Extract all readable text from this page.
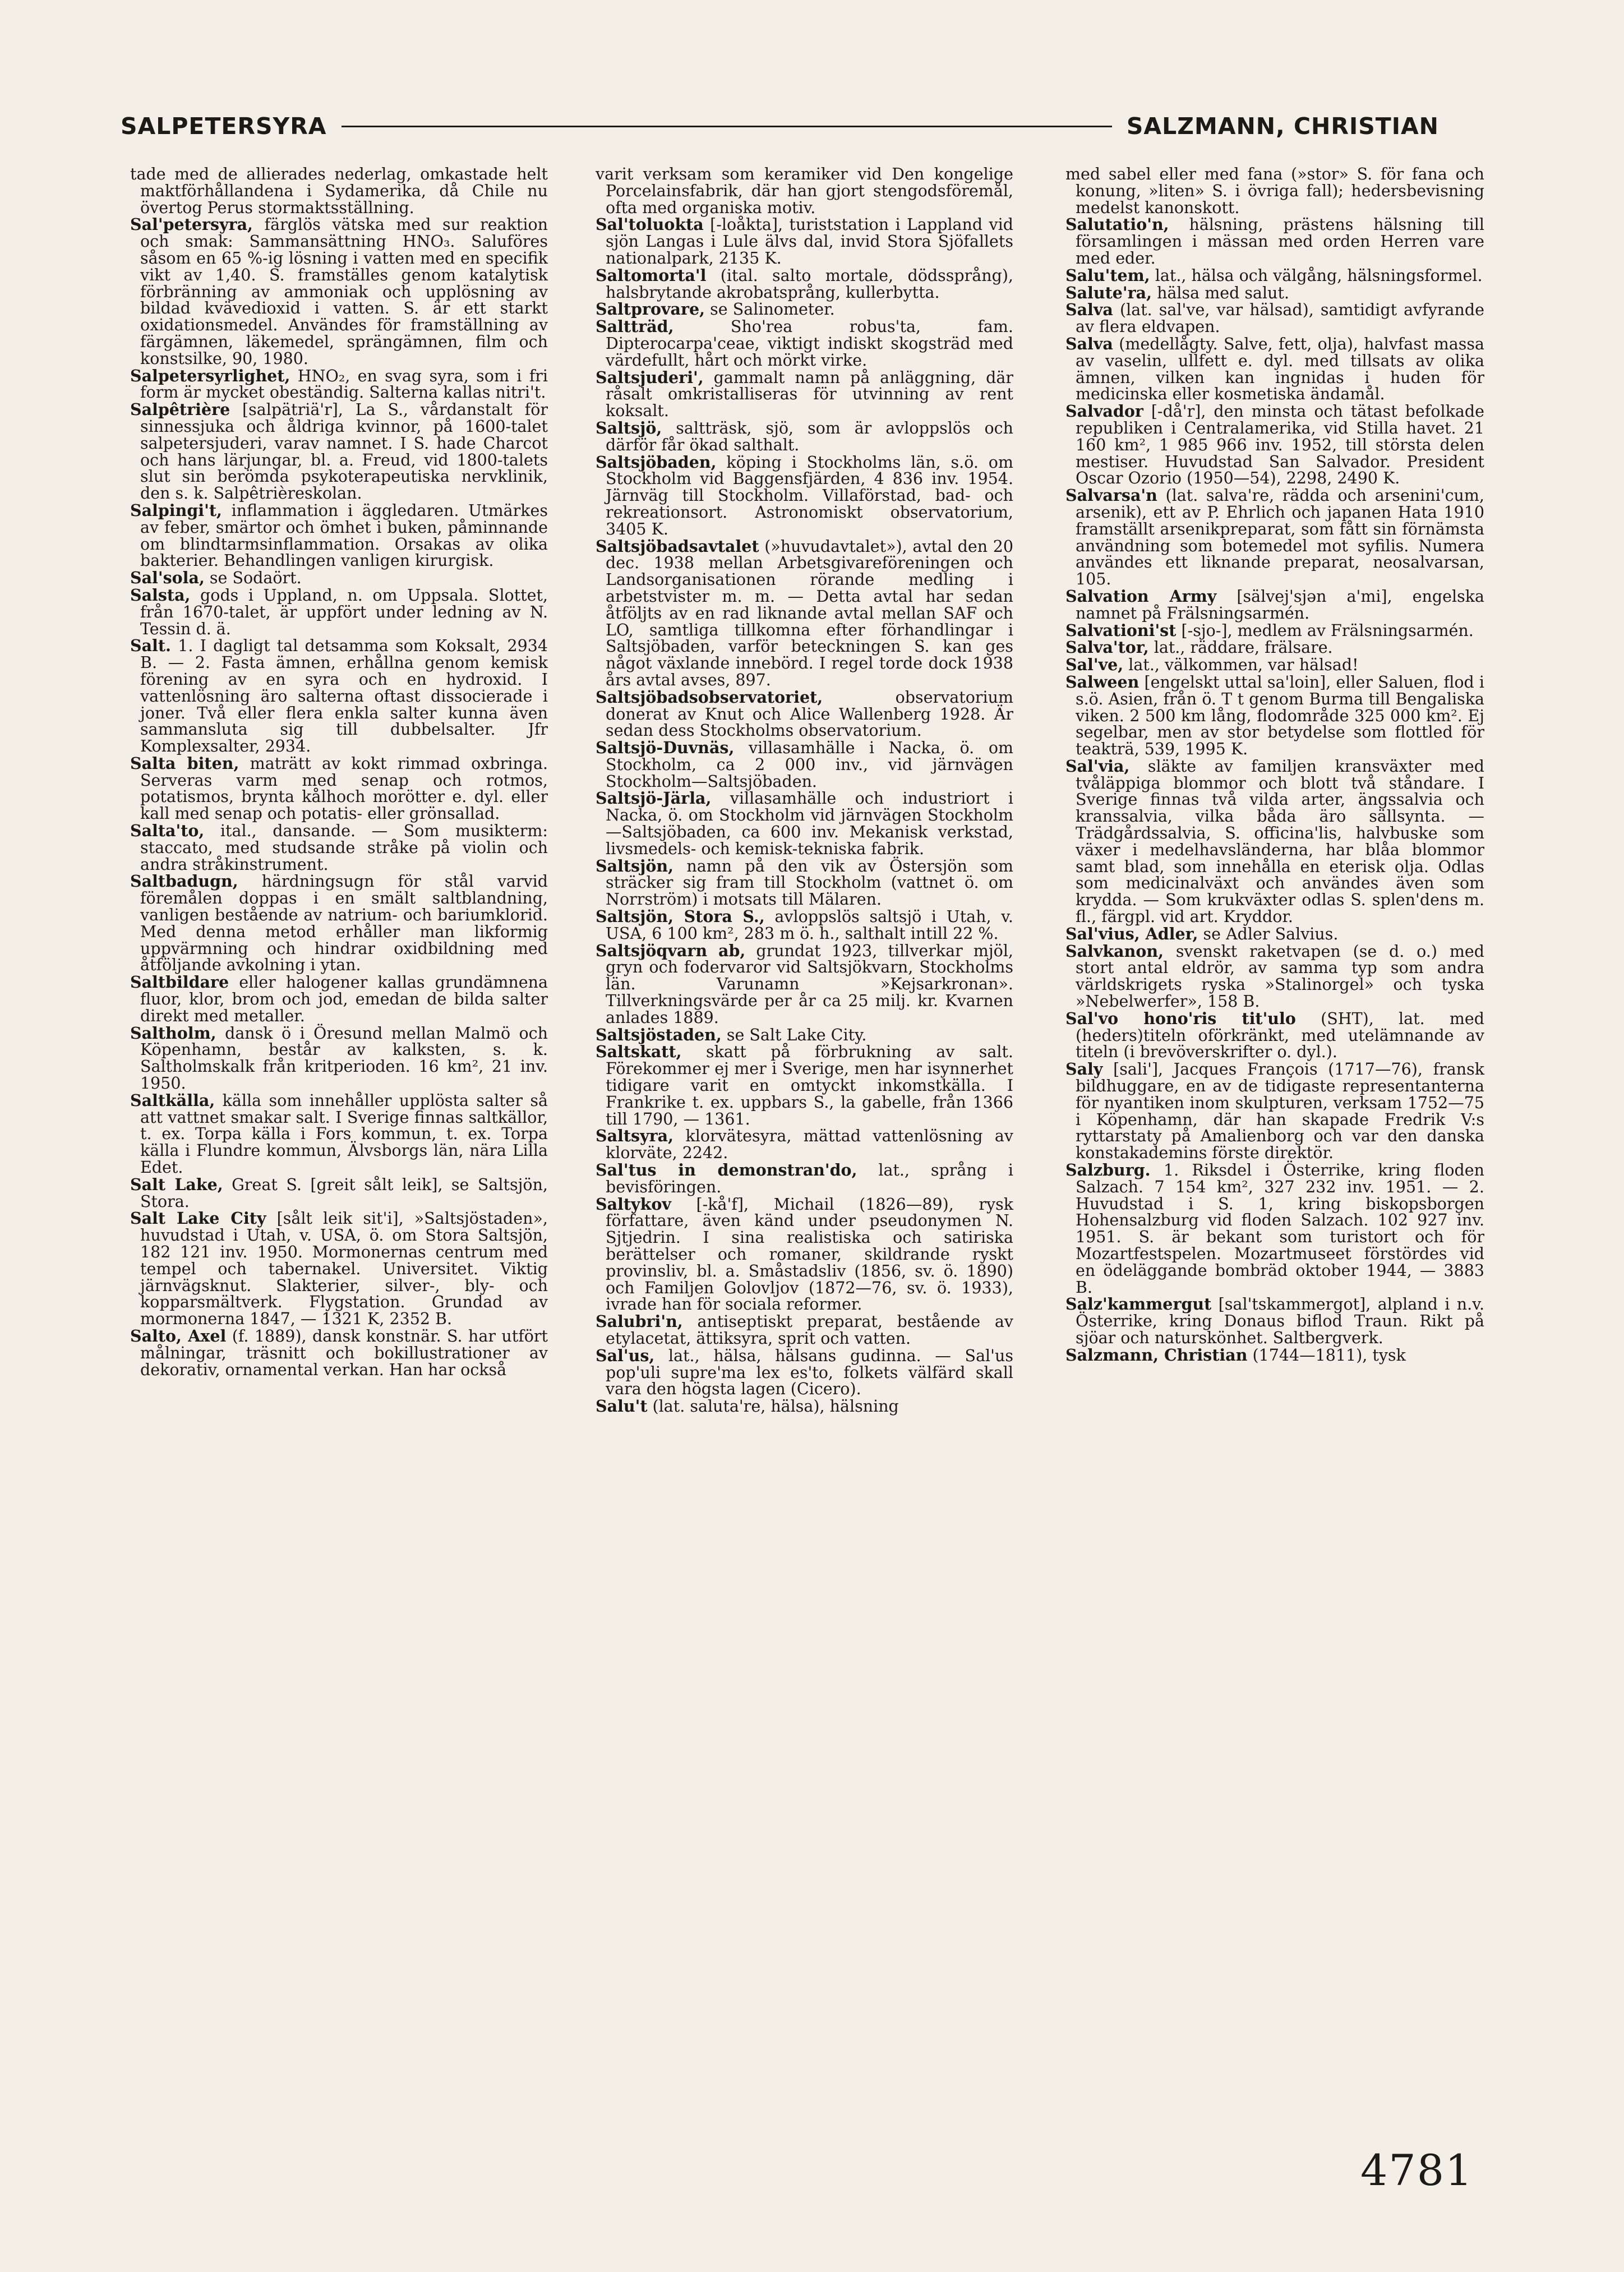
SALPETERSYRA	SALZMANN, CHRISTIAN

tade med de allierades nederlag, omkastade helt maktförhållandena i Sydamerika, då Chile nu övertog Perus stormaktsställning.

Sal'petersyra, färglös vätska med sur reaktion och smak: Sammansättning HNO₃. Saluföres såsom en 65 %-ig lösning i vatten med en specifik vikt av 1,40. S. framställes genom katalytisk förbränning av ammoniak och upplösning av bildad kvävedioxid i vatten. S. är ett starkt oxidationsmedel. Användes för framställning av färgämnen, läkemedel, sprängämnen, film och konstsilke, 90, 1980.

Salpetersyrlighet, HNO₂, en svag syra, som i fri form är mycket obeständig. Salterna kallas nitri't.

Salpêtrière [salpätriä'r], La S., vårdanstalt för sinnessjuka och åldriga kvinnor, på 1600-talet salpetersjuderi, varav namnet. I S. hade Charcot och hans lärjungar, bl. a. Freud, vid 1800-talets slut sin berömda psykoterapeutiska nervklinik, den s. k. Salpêtrièreskolan.

Salpingi't, inflammation i äggledaren. Utmärkes av feber, smärtor och ömhet i buken, påminnande om blindtarmsinflammation. Orsakas av olika bakterier. Behandlingen vanligen kirurgisk.

Sal'sola, se Sodaört.

Salsta, gods i Uppland, n. om Uppsala. Slottet, från 1670-talet, är uppfört under ledning av N. Tessin d. ä.

Salt. 1. I dagligt tal detsamma som Koksalt, 2934 B. — 2. Fasta ämnen, erhållna genom kemisk förening av en syra och en hydroxid. I vattenlösning äro salterna oftast dissocierade i joner. Två eller flera enkla salter kunna även sammansluta sig till dubbelsalter. Jfr Komplexsalter, 2934.

Salta biten, maträtt av kokt rimmad oxbringa. Serveras varm med senap och rotmos, potatismos, brynta kålhoch morötter e. dyl. eller kall med senap och potatis- eller grönsallad.

Salta'to, ital., dansande. — Som musikterm: staccato, med studsande stråke på violin och andra stråkinstrument.

Saltbadugn, härdningsugn för stål varvid föremålen doppas i en smält saltblandning, vanligen bestående av natrium- och bariumklorid. Med denna metod erhåller man likformig uppvärmning och hindrar oxidbildning med åtföljande avkolning i ytan.

Saltbildare eller halogener kallas grundämnena fluor, klor, brom och jod, emedan de bilda salter direkt med metaller.

Saltholm, dansk ö i Öresund mellan Malmö och Köpenhamn, består av kalksten, s. k. Saltholmskalk från kritperioden. 16 km², 21 inv. 1950.

Saltkälla, källa som innehåller upplösta salter så att vattnet smakar salt. I Sverige finnas saltkällor, t. ex. Torpa källa i Fors kommun, t. ex. Torpa källa i Flundre kommun, Älvsborgs län, nära Lilla Edet.

Salt Lake, Great S. [greit sålt leik], se Saltsjön, Stora.

Salt Lake City [sålt leik sit'i], »Saltsjöstaden», huvudstad i Utah, v. USA, ö. om Stora Saltsjön, 182 121 inv. 1950. Mormonernas centrum med tempel och tabernakel. Universitet. Viktig järnvägsknut. Slakterier, silver-, bly- och kopparsmältverk. Flygstation. Grundad av mormonerna 1847, — 1321 K, 2352 B.

Salto, Axel (f. 1889), dansk konstnär. S. har utfört målningar, träsnitt och bokillustrationer av dekorativ, ornamental verkan. Han har också

varit verksam som keramiker vid Den kongelige Porcelainsfabrik, där han gjort stengodsföremål, ofta med organiska motiv.

Sal'toluokta [-loåkta], turiststation i Lappland vid sjön Langas i Lule älvs dal, invid Stora Sjöfallets nationalpark, 2135 K.

Saltomorta'l (ital. salto mortale, dödssprång), halsbrytande akrobatsprång, kullerbytta.

Saltprovare, se Salinometer.

Saltträd, Sho'rea robus'ta, fam. Dipterocarpa'ceae, viktigt indiskt skogsträd med värdefullt, hårt och mörkt virke.

Saltsjuderi', gammalt namn på anläggning, där råsalt omkristalliseras för utvinning av rent koksalt.

Saltsjö, saltträsk, sjö, som är avloppslös och därför får ökad salthalt.

Saltsjöbaden, köping i Stockholms län, s.ö. om Stockholm vid Baggensfjärden, 4 836 inv. 1954. Järnväg till Stockholm. Villaförstad, bad- och rekreationsort. Astronomiskt observatorium, 3405 K.

Saltsjöbadsavtalet (»huvudavtalet»), avtal den 20 dec. 1938 mellan Arbetsgivareföreningen och Landsorganisationen rörande medling i arbetstvister m. m. — Detta avtal har sedan åtföljts av en rad liknande avtal mellan SAF och LO, samtliga tillkomna efter förhandlingar i Saltsjöbaden, varför beteckningen S. kan ges något växlande innebörd. I regel torde dock 1938 års avtal avses, 897.

Saltsjöbadsobservatoriet, observatorium donerat av Knut och Alice Wallenberg 1928. Är sedan dess Stockholms observatorium.

Saltsjö-Duvnäs, villasamhälle i Nacka, ö. om Stockholm, ca 2 000 inv., vid järnvägen Stockholm—Saltsjöbaden.

Saltsjö-Järla, villasamhälle och industriort i Nacka, ö. om Stockholm vid järnvägen Stockholm—Saltsjöbaden, ca 600 inv. Mekanisk verkstad, livsmedels- och kemisk-tekniska fabrik.

Saltsjön, namn på den vik av Östersjön som sträcker sig fram till Stockholm (vattnet ö. om Norrström) i motsats till Mälaren.

Saltsjön, Stora S., avloppslös saltsjö i Utah, v. USA, 6 100 km², 283 m ö. h., salthalt intill 22 %.

Saltsjöqvarn ab, grundat 1923, tillverkar mjöl, gryn och fodervaror vid Saltsjökvarn, Stockholms län. Varunamn »Kejsarkronan». Tillverkningsvärde per år ca 25 milj. kr. Kvarnen anlades 1889.

Saltsjöstaden, se Salt Lake City.

Saltskatt, skatt på förbrukning av salt. Förekommer ej mer i Sverige, men har isynnerhet tidigare varit en omtyckt inkomstkälla. I Frankrike t. ex. uppbars S., la gabelle, från 1366 till 1790, — 1361.

Saltsyra, klorvätesyra, mättad vattenlösning av klorväte, 2242.

Sal'tus in demonstran'do, lat., språng i bevisföringen.

Saltykov [-kå'f], Michail (1826—89), rysk författare, även känd under pseudonymen N. Sjtjedrin. I sina realistiska och satiriska berättelser och romaner, skildrande ryskt provinsliv, bl. a. Småstadsliv (1856, sv. ö. 1890) och Familjen Golovljov (1872—76, sv. ö. 1933), ivrade han för sociala reformer.

Salubri'n, antiseptiskt preparat, bestående av etylacetat, ättiksyra, sprit och vatten.

Sal'us, lat., hälsa, hälsans gudinna. — Sal'us pop'uli supre'ma lex es'to, folkets välfärd skall vara den högsta lagen (Cicero).

Salu't (lat. saluta're, hälsa), hälsning

med sabel eller med fana (»stor» S. för fana och konung, »liten» S. i övriga fall); hedersbevisning medelst kanonskott.

Salutatio'n, hälsning, prästens hälsning till församlingen i mässan med orden Herren vare med eder.

Salu'tem, lat., hälsa och välgång, hälsningsformel.

Salute'ra, hälsa med salut.

Salva (lat. sal've, var hälsad), samtidigt avfyrande av flera eldvapen.

Salva (medellågty. Salve, fett, olja), halvfast massa av vaselin, ullfett e. dyl. med tillsats av olika ämnen, vilken kan ingnidas i huden för medicinska eller kosmetiska ändamål.

Salvador [-då'r], den minsta och tätast befolkade republiken i Centralamerika, vid Stilla havet. 21 160 km², 1 985 966 inv. 1952, till största delen mestiser. Huvudstad San Salvador. President Oscar Ozorio (1950—54), 2298, 2490 K.

Salvarsa'n (lat. salva're, rädda och arsenini'cum, arsenik), ett av P. Ehrlich och japanen Hata 1910 framställt arsenikpreparat, som fått sin förnämsta användning som botemedel mot syfilis. Numera användes ett liknande preparat, neosalvarsan, 105.

Salvation Army [sälvej'sjən a'mi], engelska namnet på Frälsningsarmén.

Salvationi'st [-sjo-], medlem av Frälsningsarmén.

Salva'tor, lat., räddare, frälsare.

Sal've, lat., välkommen, var hälsad!

Salween [engelskt uttal sa'loin], eller Saluen, flod i s.ö. Asien, från ö. T t genom Burma till Bengaliska viken. 2 500 km lång, flodområde 325 000 km². Ej segelbar, men av stor betydelse som flottled för teakträ, 539, 1995 K.

Sal'via, släkte av familjen kransväxter med tvåläppiga blommor och blott två ståndare. I Sverige finnas två vilda arter, ängssalvia och kranssalvia, vilka båda äro sällsynta. — Trädgårdssalvia, S. officina'lis, halvbuske som växer i medelhavsländerna, har blåa blommor samt blad, som innehålla en eterisk olja. Odlas som medicinalväxt och användes även som krydda. — Som krukväxter odlas S. splen'dens m. fl., färgpl. vid art. Kryddor.

Sal'vius, Adler, se Adler Salvius.

Salvkanon, svenskt raketvapen (se d. o.) med stort antal eldrör, av samma typ som andra världskrigets ryska »Stalinorgel» och tyska »Nebelwerfer», 158 B.

Sal'vo hono'ris tit'ulo (SHT), lat. med (heders)titeln oförkränkt, med utelämnande av titeln (i brevöverskrifter o. dyl.).

Saly [sali'], Jacques François (1717—76), fransk bildhuggare, en av de tidigaste representanterna för nyantiken inom skulpturen, verksam 1752—75 i Köpenhamn, där han skapade Fredrik V:s ryttarstaty på Amalienborg och var den danska konstakademins förste direktör.

Salzburg. 1. Riksdel i Österrike, kring floden Salzach. 7 154 km², 327 232 inv. 1951. — 2. Huvudstad i S. 1, kring biskopsborgen Hohensalzburg vid floden Salzach. 102 927 inv. 1951. S. är bekant som turistort och för Mozartfestspelen. Mozartmuseet förstördes vid en ödeläggande bombräd oktober 1944, — 3883 B.

Salz'kammergut [sal'tskammergot], alpland i n.v. Österrike, kring Donaus biflod Traun. Rikt på sjöar och naturskönhet. Saltbergverk.

Salzmann, Christian (1744—1811), tysk

4781
